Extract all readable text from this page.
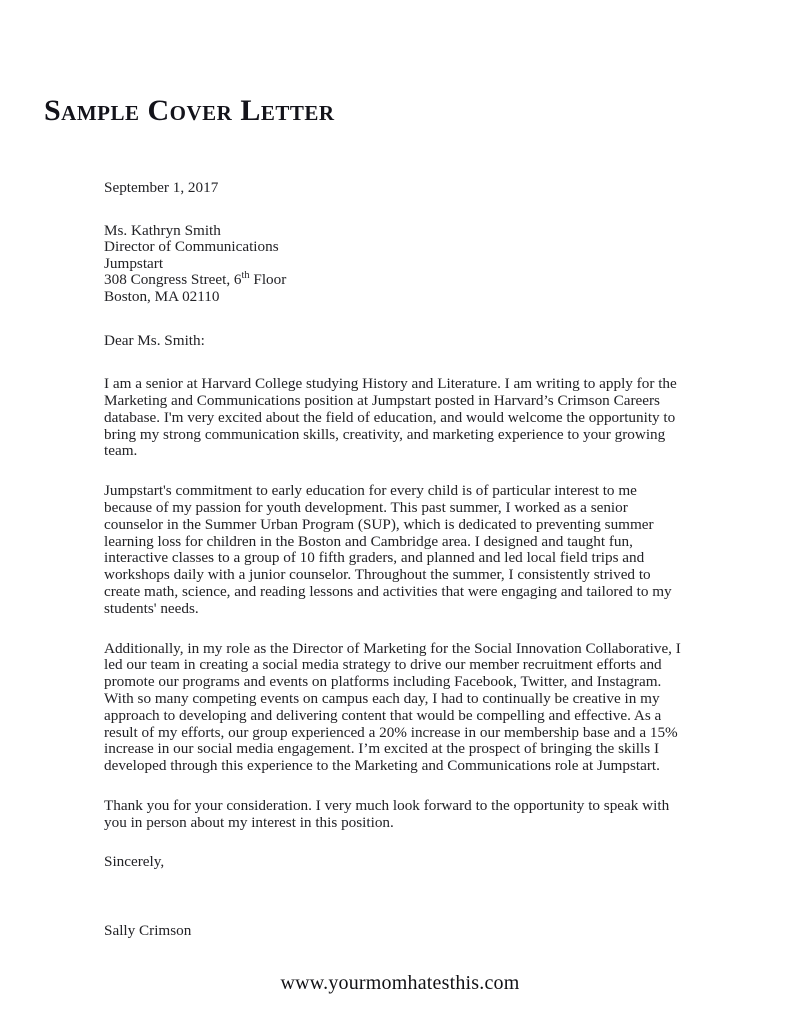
Sample Cover Letter
September 1, 2017
Ms. Kathryn Smith
Director of Communications
Jumpstart
308 Congress Street, 6th Floor
Boston, MA 02110
Dear Ms. Smith:

I am a senior at Harvard College studying History and Literature. I am writing to apply for the Marketing and Communications position at Jumpstart posted in Harvard’s Crimson Careers database. I'm very excited about the field of education, and would welcome the opportunity to bring my strong communication skills, creativity, and marketing experience to your growing team.

Jumpstart's commitment to early education for every child is of particular interest to me because of my passion for youth development. This past summer, I worked as a senior counselor in the Summer Urban Program (SUP), which is dedicated to preventing summer learning loss for children in the Boston and Cambridge area. I designed and taught fun, interactive classes to a group of 10 fifth graders, and planned and led local field trips and workshops daily with a junior counselor. Throughout the summer, I consistently strived to create math, science, and reading lessons and activities that were engaging and tailored to my students' needs.

Additionally, in my role as the Director of Marketing for the Social Innovation Collaborative, I led our team in creating a social media strategy to drive our member recruitment efforts and promote our programs and events on platforms including Facebook, Twitter, and Instagram. With so many competing events on campus each day, I had to continually be creative in my approach to developing and delivering content that would be compelling and effective. As a result of my efforts, our group experienced a 20% increase in our membership base and a 15% increase in our social media engagement. I’m excited at the prospect of bringing the skills I developed through this experience to the Marketing and Communications role at Jumpstart.

Thank you for your consideration. I very much look forward to the opportunity to speak with you in person about my interest in this position.

Sincerely,
Sally Crimson
www.yourmomhatesthis.com
